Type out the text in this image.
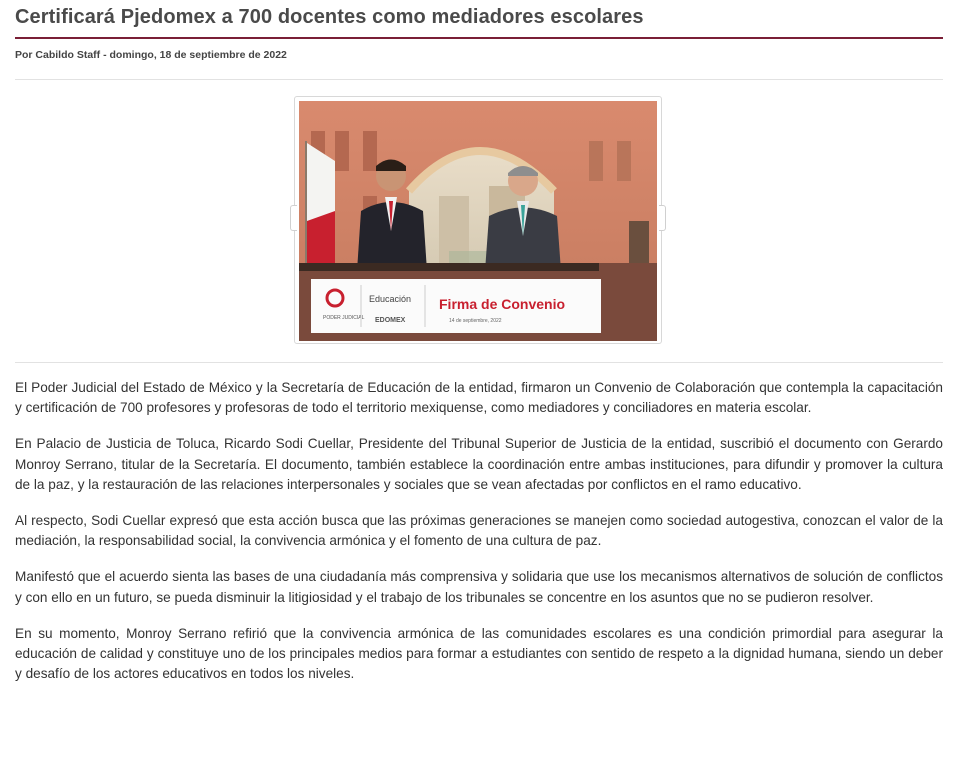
Certificará Pjedomex a 700 docentes como mediadores escolares
Por Cabildo Staff - domingo, 18 de septiembre de 2022
PODER JUDICIAL
Educación
EDOMEX
Firma de Convenio
14 de septiembre, 2022

El Poder Judicial del Estado de México y la Secretaría de Educación de la entidad, firmaron un Convenio de Colaboración que contempla la capacitación y certificación de 700 profesores y profesoras de todo el territorio mexiquense, como mediadores y conciliadores en materia escolar.

En Palacio de Justicia de Toluca, Ricardo Sodi Cuellar, Presidente del Tribunal Superior de Justicia de la entidad, suscribió el documento con Gerardo Monroy Serrano, titular de la Secretaría. El documento, también establece la coordinación entre ambas instituciones, para difundir y promover la cultura de la paz, y la restauración de las relaciones interpersonales y sociales que se vean afectadas por conflictos en el ramo educativo.

Al respecto, Sodi Cuellar expresó que esta acción busca que las próximas generaciones se manejen como sociedad autogestiva, conozcan el valor de la mediación, la responsabilidad social, la convivencia armónica y el fomento de una cultura de paz.

Manifestó que el acuerdo sienta las bases de una ciudadanía más comprensiva y solidaria que use los mecanismos alternativos de solución de conflictos y con ello en un futuro, se pueda disminuir la litigiosidad y el trabajo de los tribunales se concentre en los asuntos que no se pudieron resolver.

En su momento, Monroy Serrano refirió que la convivencia armónica de las comunidades escolares es una condición primordial para asegurar la educación de calidad y constituye uno de los principales medios para formar a estudiantes con sentido de respeto a la dignidad humana, siendo un deber y desafío de los actores educativos en todos los niveles.
